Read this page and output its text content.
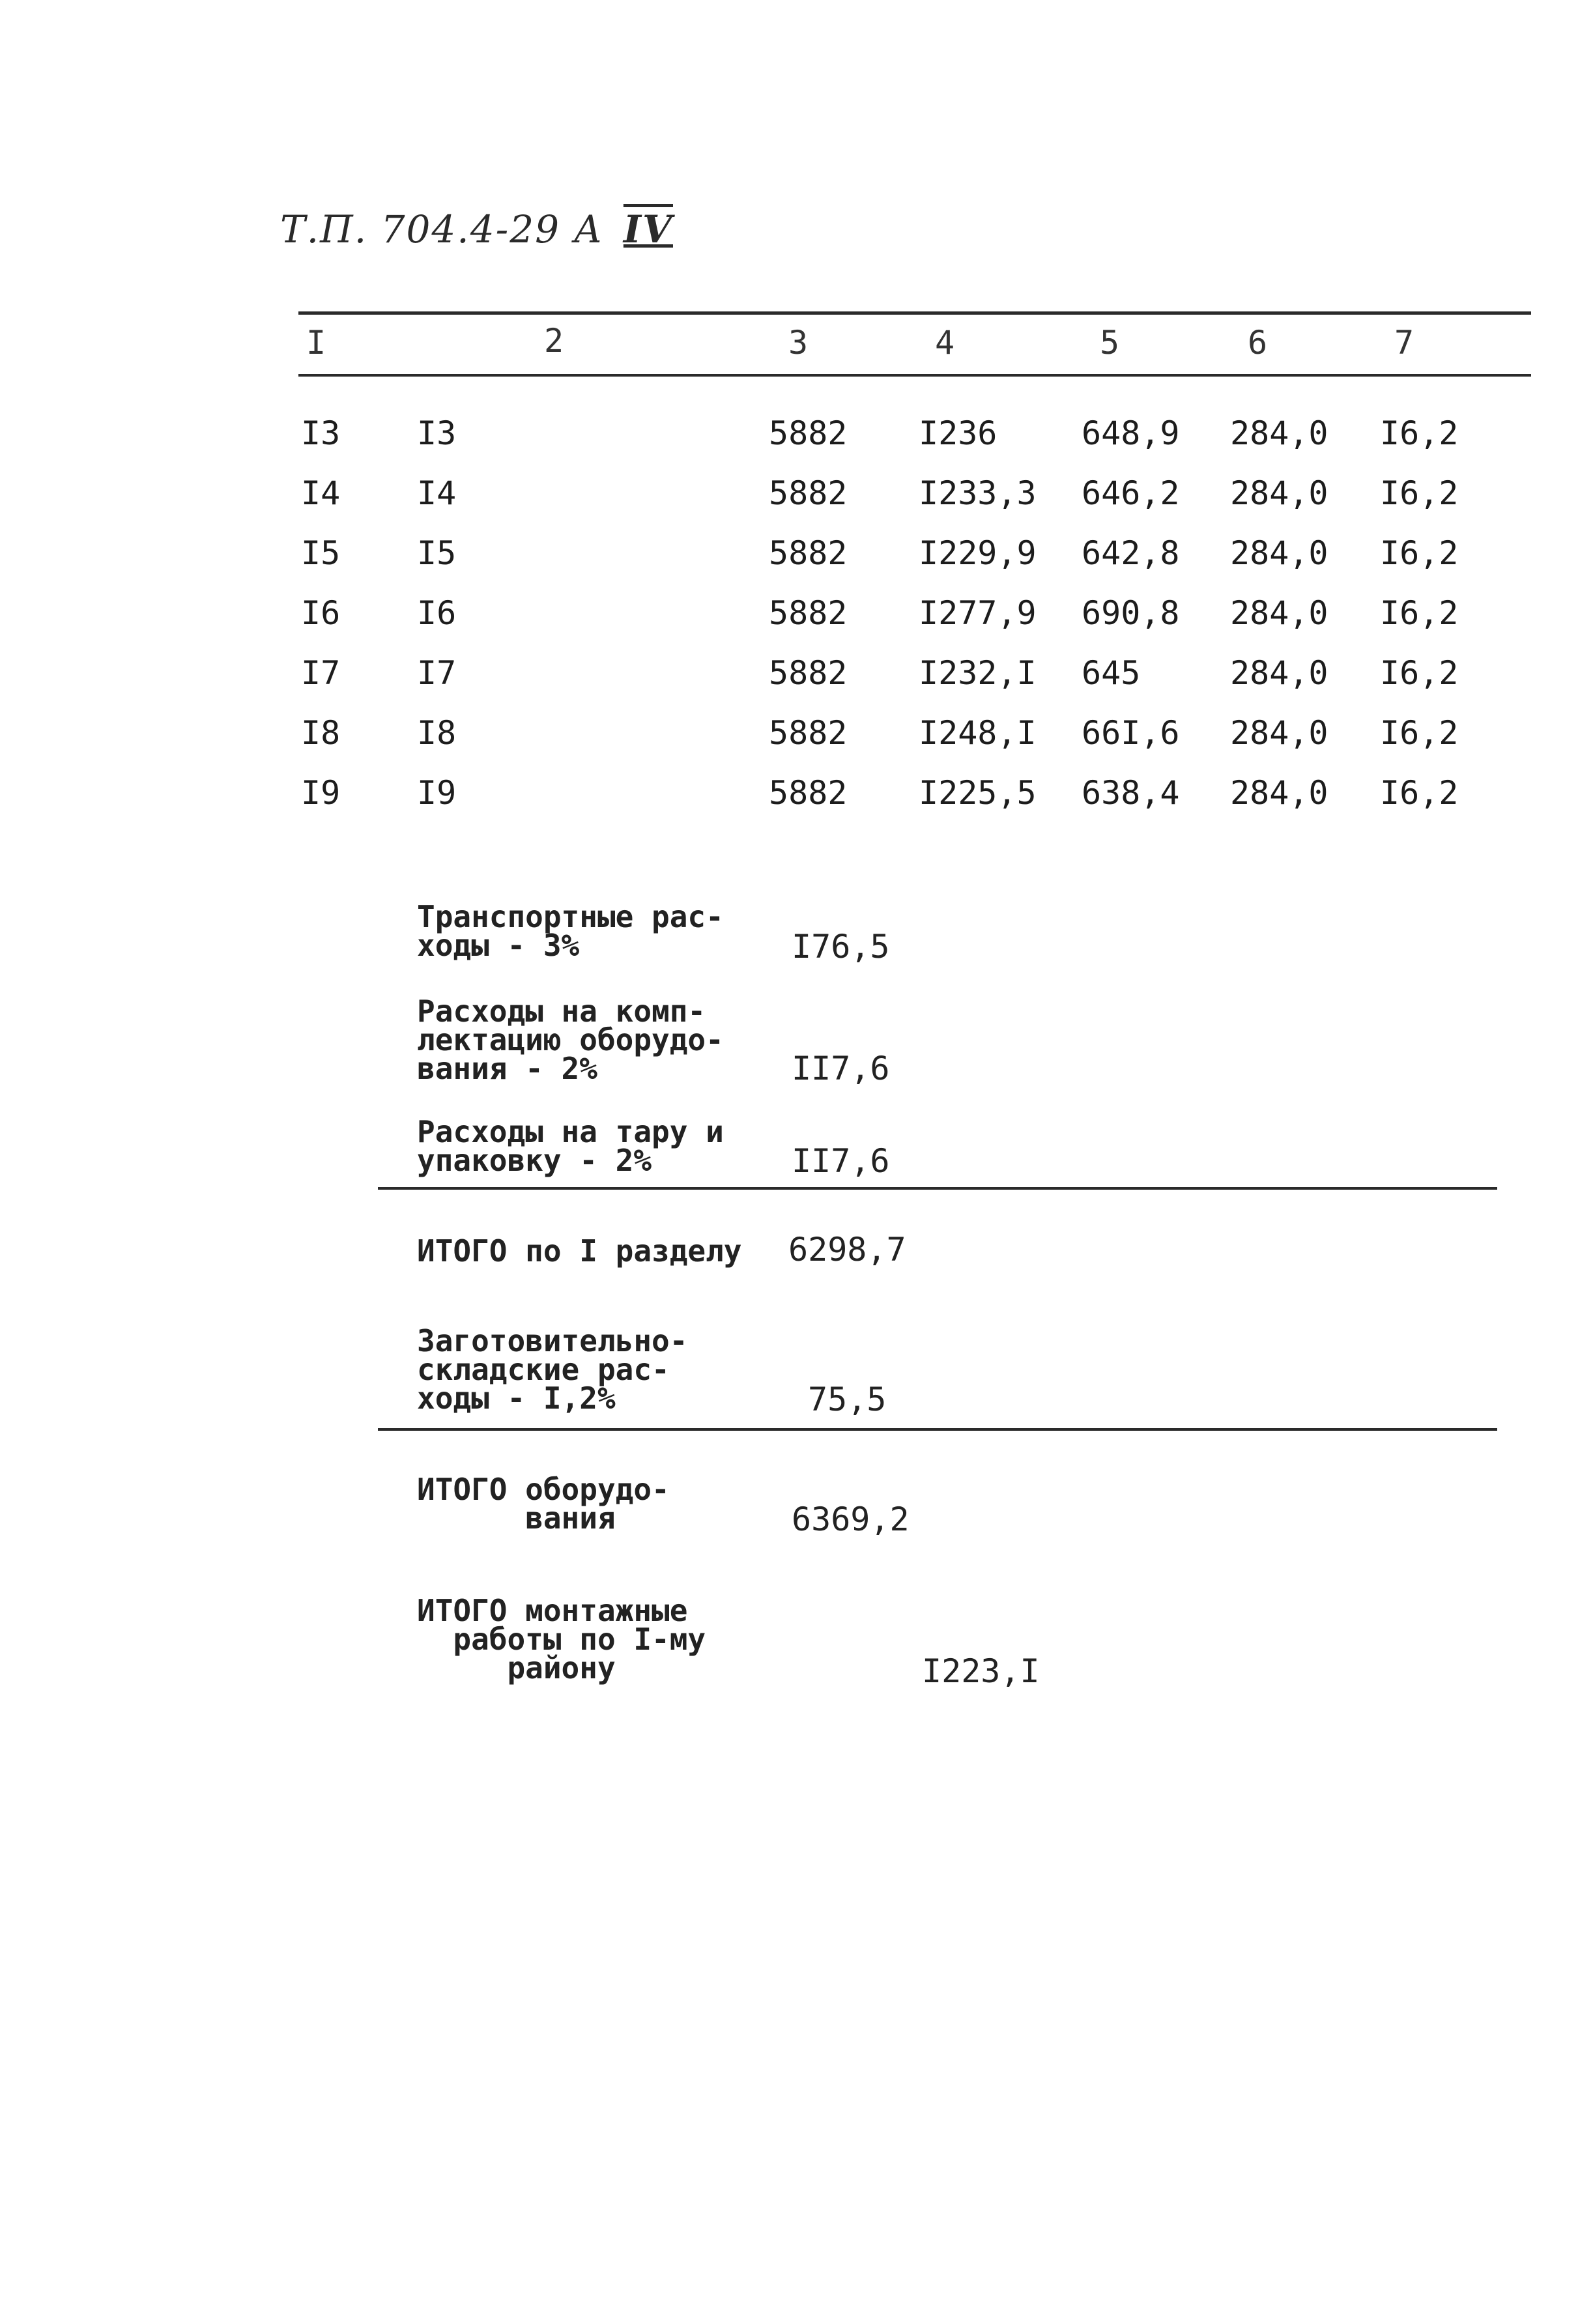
Т.П. 704.4-29 А IV
I	2	3	4	5	6	7
I3 I3	5882 I236	648,9 284,0 I6,2
I4 I4	5882 I233,3 646,2 284,0 I6,2
I5 I5	5882 I229,9 642,8 284,0 I6,2
I6 I6	5882 I277,9 690,8 284,0 I6,2
I7 I7	5882 I232,I 645	284,0 I6,2
I8 I8	5882 I248,I 66I,6 284,0 I6,2
I9 I9	5882 I225,5 638,4 284,0 I6,2
Транспортные рас-
ходы - 3%	I76,5
Расходы на комп-
лектацию оборудо-
вания - 2%	II7,6
Расходы на тару и
упаковку - 2%	II7,6
ИТОГО по I разделу 6298,7
Заготовительно-
складские рас-
ходы - I,2%	75,5
ИТОГО оборудо-
вания	6369,2
ИТОГО монтажные
работы по I-му
району	I223,I
